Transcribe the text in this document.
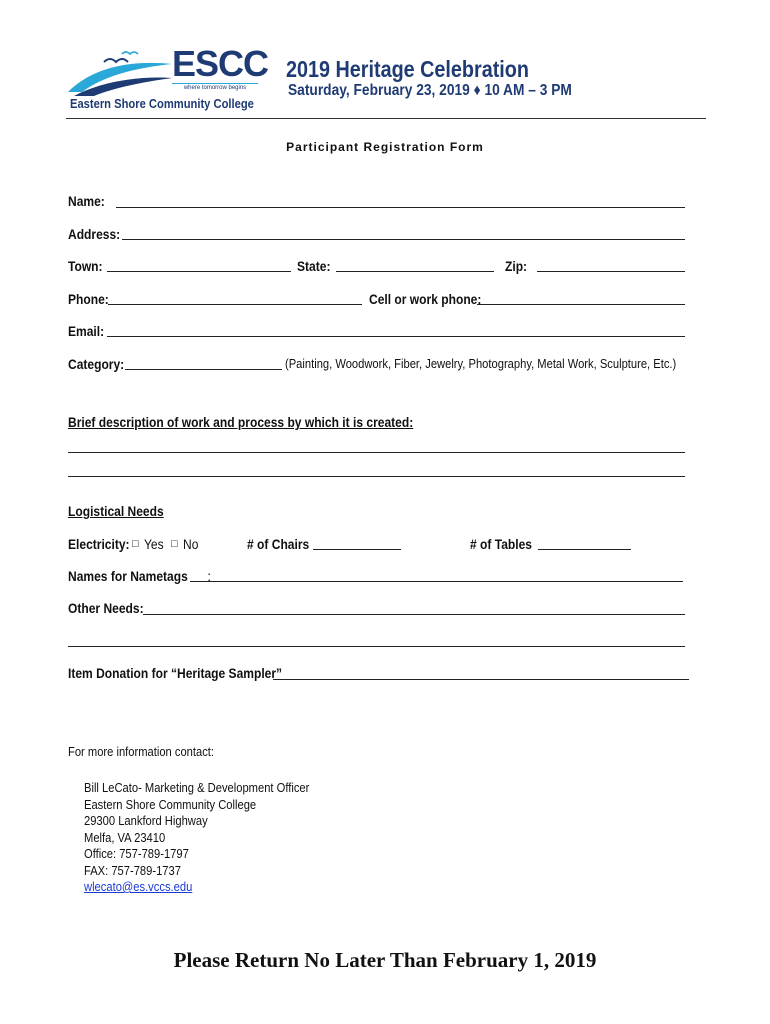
ESCC
where tomorrow begins
Eastern Shore Community College
2019 Heritage Celebration
Saturday, February 23, 2019 ♦ 10 AM – 3 PM
Participant Registration Form
Name:
Address:
Town:	State:	Zip:
Phone:	Cell or work phone:
Email:
Category:	(Painting, Woodwork, Fiber, Jewelry, Photography, Metal Work, Sculpture, Etc.)
Brief description of work and process by which it is created:
Logistical Needs
Electricity: □ Yes □ No	# of Chairs	# of Tables
Names for Nametags :
Other Needs:
Item Donation for “Heritage Sampler”
For more information contact:
Bill LeCato- Marketing & Development Officer
Eastern Shore Community College
29300 Lankford Highway
Melfa, VA 23410
Office: 757-789-1797
FAX: 757-789-1737
wlecato@es.vccs.edu
Please Return No Later Than February 1, 2019
